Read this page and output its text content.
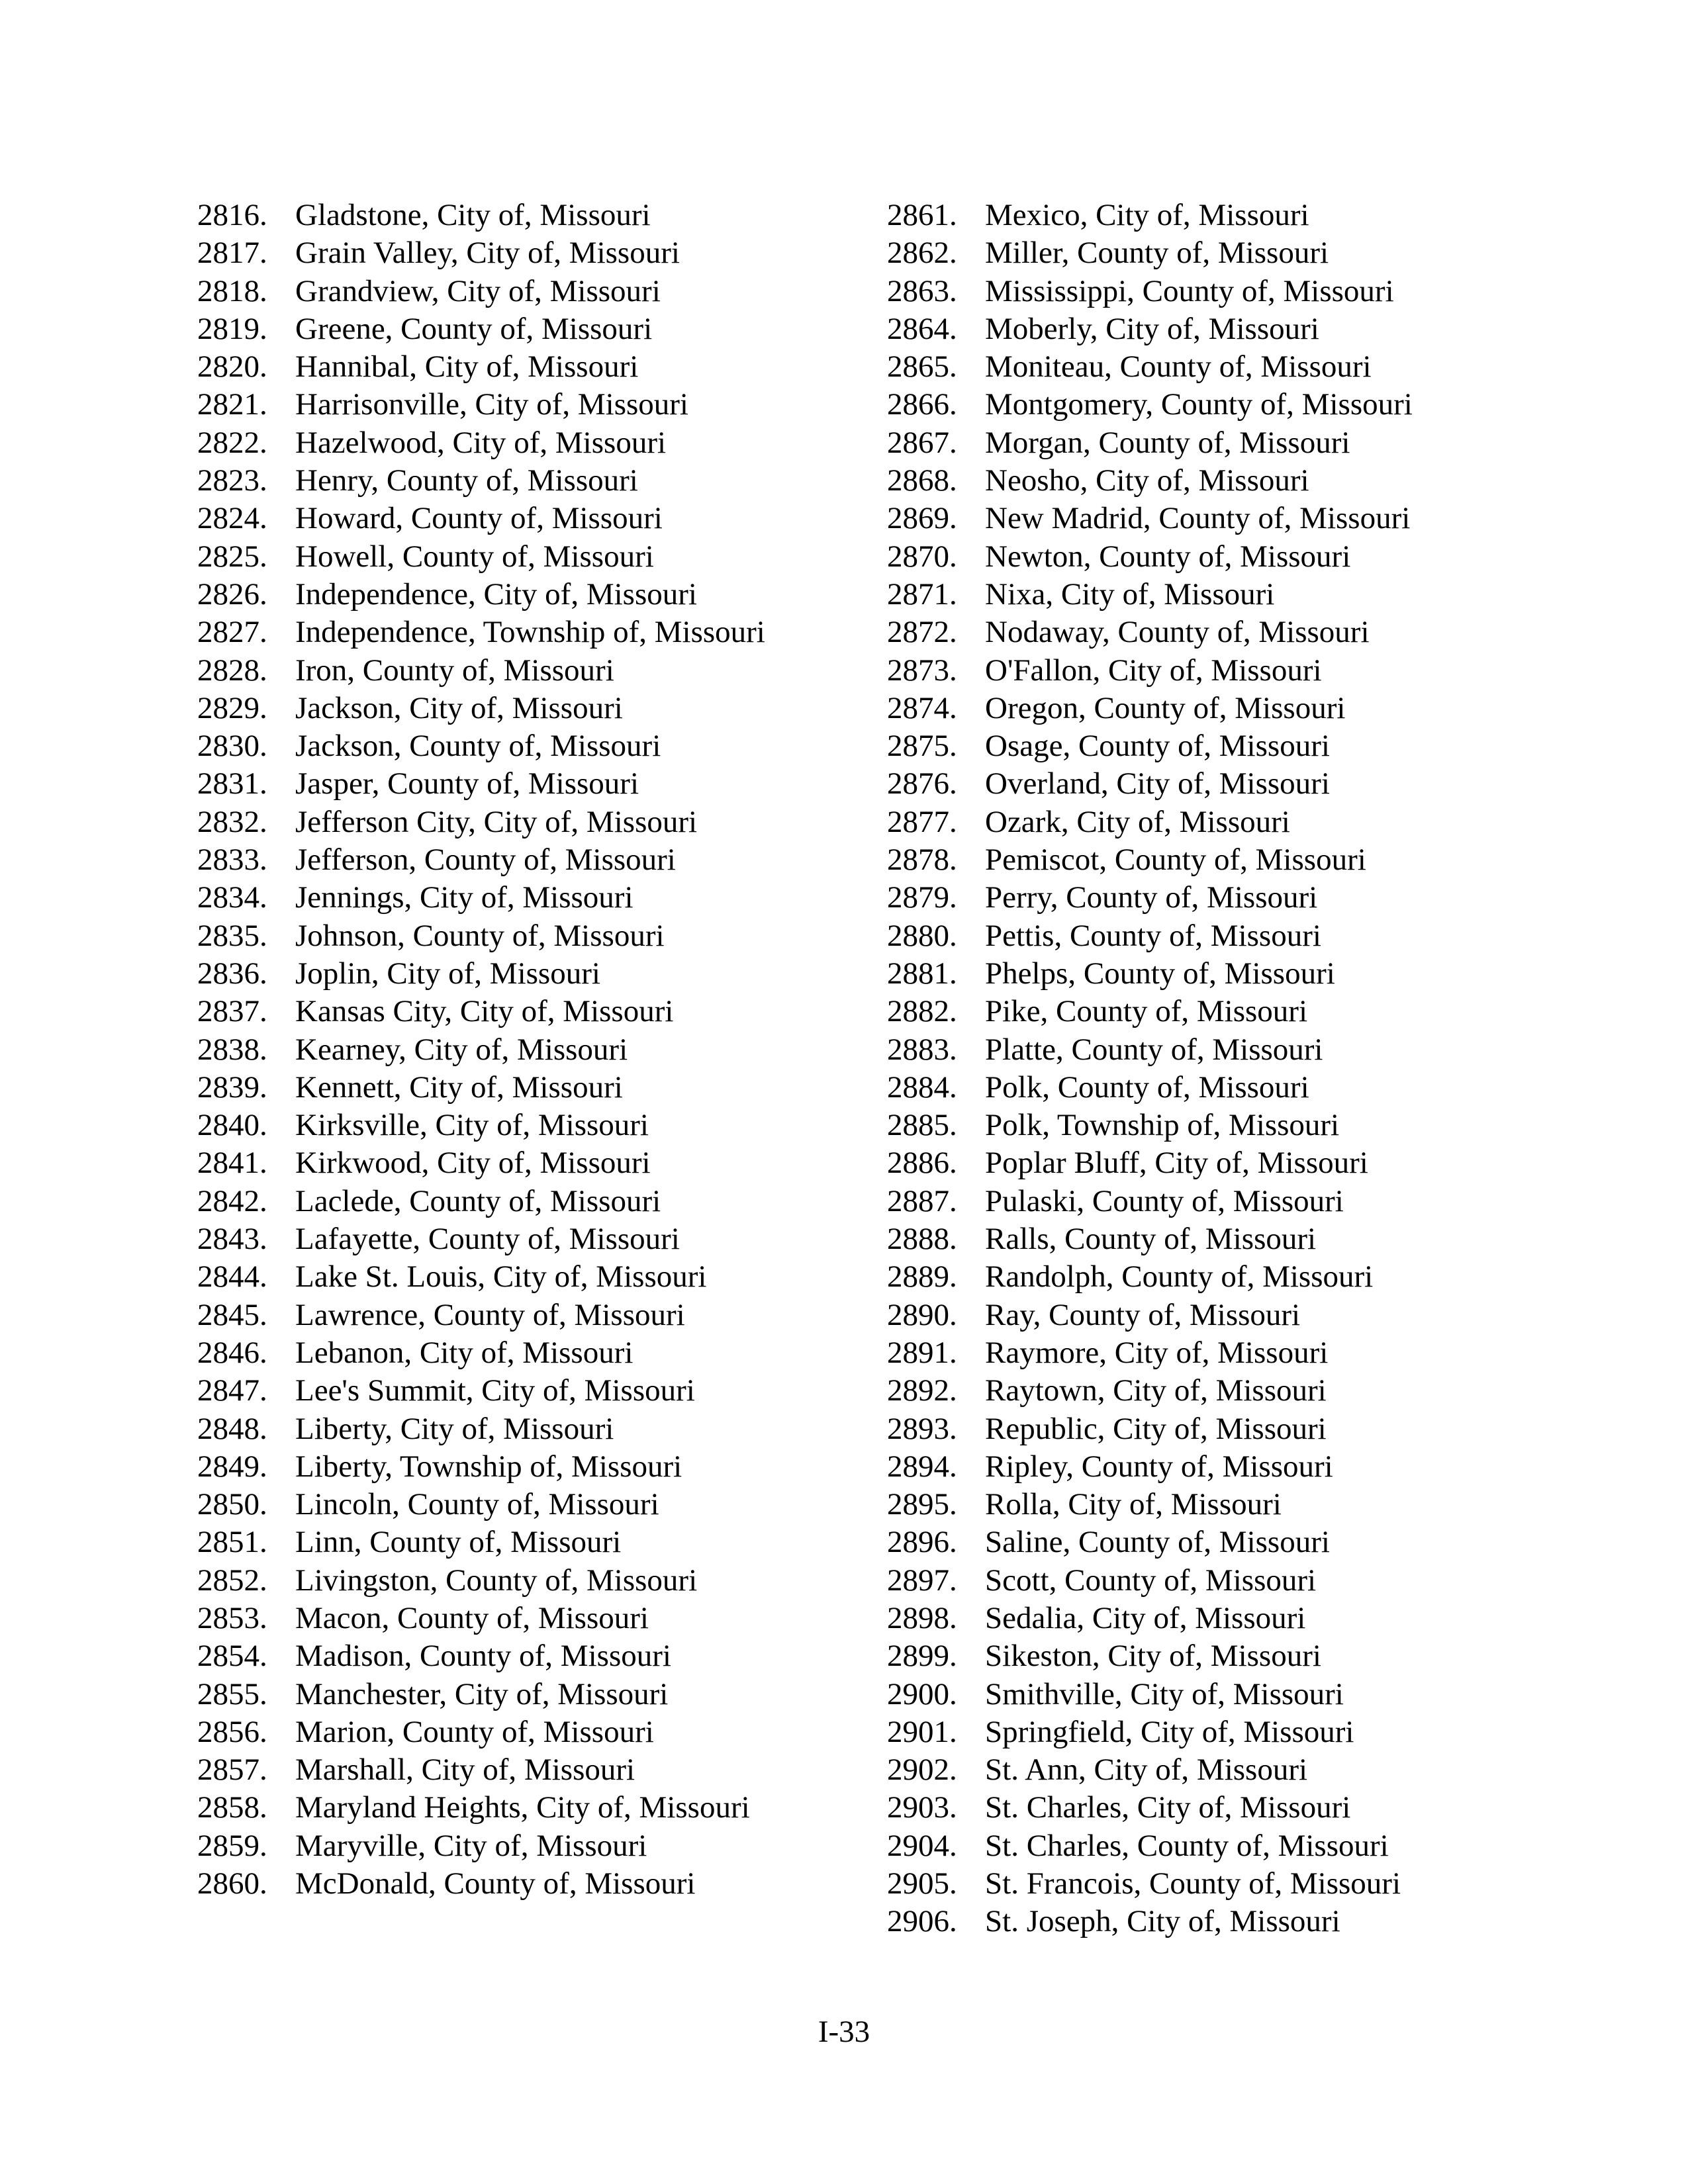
2816. Gladstone, City of, Missouri
2817. Grain Valley, City of, Missouri
2818. Grandview, City of, Missouri
2819. Greene, County of, Missouri
2820. Hannibal, City of, Missouri
2821. Harrisonville, City of, Missouri
2822. Hazelwood, City of, Missouri
2823. Henry, County of, Missouri
2824. Howard, County of, Missouri
2825. Howell, County of, Missouri
2826. Independence, City of, Missouri
2827. Independence, Township of, Missouri
2828. Iron, County of, Missouri
2829. Jackson, City of, Missouri
2830. Jackson, County of, Missouri
2831. Jasper, County of, Missouri
2832. Jefferson City, City of, Missouri
2833. Jefferson, County of, Missouri
2834. Jennings, City of, Missouri
2835. Johnson, County of, Missouri
2836. Joplin, City of, Missouri
2837. Kansas City, City of, Missouri
2838. Kearney, City of, Missouri
2839. Kennett, City of, Missouri
2840. Kirksville, City of, Missouri
2841. Kirkwood, City of, Missouri
2842. Laclede, County of, Missouri
2843. Lafayette, County of, Missouri
2844. Lake St. Louis, City of, Missouri
2845. Lawrence, County of, Missouri
2846. Lebanon, City of, Missouri
2847. Lee's Summit, City of, Missouri
2848. Liberty, City of, Missouri
2849. Liberty, Township of, Missouri
2850. Lincoln, County of, Missouri
2851. Linn, County of, Missouri
2852. Livingston, County of, Missouri
2853. Macon, County of, Missouri
2854. Madison, County of, Missouri
2855. Manchester, City of, Missouri
2856. Marion, County of, Missouri
2857. Marshall, City of, Missouri
2858. Maryland Heights, City of, Missouri
2859. Maryville, City of, Missouri
2860. McDonald, County of, Missouri
2861. Mexico, City of, Missouri
2862. Miller, County of, Missouri
2863. Mississippi, County of, Missouri
2864. Moberly, City of, Missouri
2865. Moniteau, County of, Missouri
2866. Montgomery, County of, Missouri
2867. Morgan, County of, Missouri
2868. Neosho, City of, Missouri
2869. New Madrid, County of, Missouri
2870. Newton, County of, Missouri
2871. Nixa, City of, Missouri
2872. Nodaway, County of, Missouri
2873. O'Fallon, City of, Missouri
2874. Oregon, County of, Missouri
2875. Osage, County of, Missouri
2876. Overland, City of, Missouri
2877. Ozark, City of, Missouri
2878. Pemiscot, County of, Missouri
2879. Perry, County of, Missouri
2880. Pettis, County of, Missouri
2881. Phelps, County of, Missouri
2882. Pike, County of, Missouri
2883. Platte, County of, Missouri
2884. Polk, County of, Missouri
2885. Polk, Township of, Missouri
2886. Poplar Bluff, City of, Missouri
2887. Pulaski, County of, Missouri
2888. Ralls, County of, Missouri
2889. Randolph, County of, Missouri
2890. Ray, County of, Missouri
2891. Raymore, City of, Missouri
2892. Raytown, City of, Missouri
2893. Republic, City of, Missouri
2894. Ripley, County of, Missouri
2895. Rolla, City of, Missouri
2896. Saline, County of, Missouri
2897. Scott, County of, Missouri
2898. Sedalia, City of, Missouri
2899. Sikeston, City of, Missouri
2900. Smithville, City of, Missouri
2901. Springfield, City of, Missouri
2902. St. Ann, City of, Missouri
2903. St. Charles, City of, Missouri
2904. St. Charles, County of, Missouri
2905. St. Francois, County of, Missouri
2906. St. Joseph, City of, Missouri
I-33
